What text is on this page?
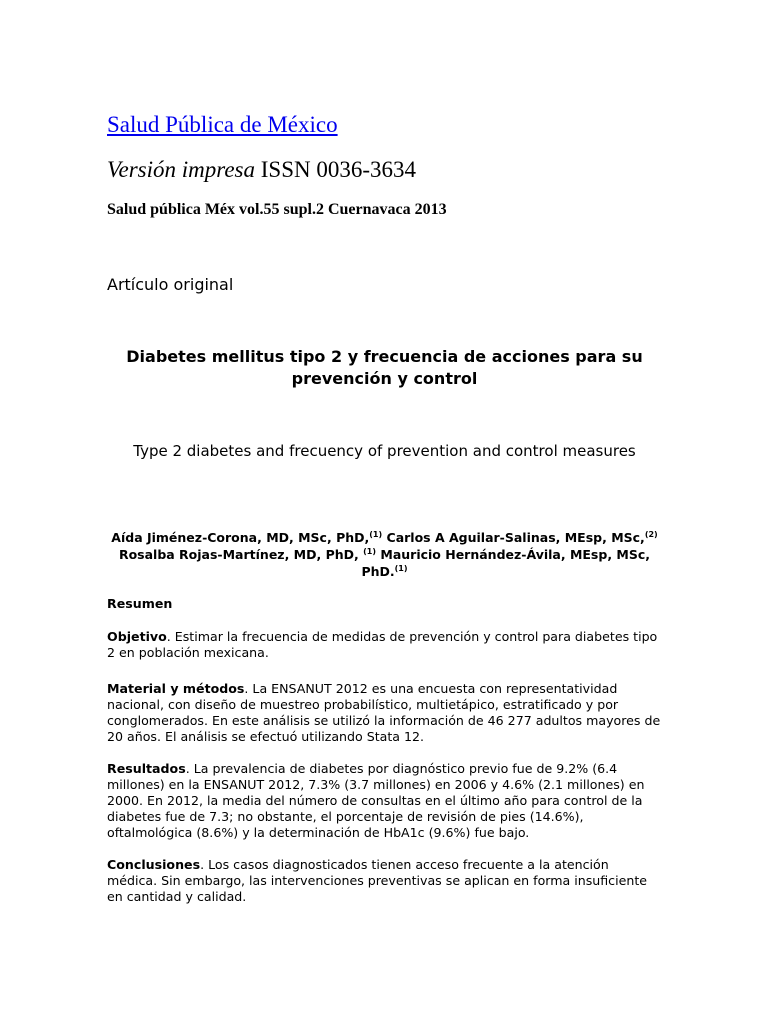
Salud Pública de México
Versión impresa ISSN 0036-3634
Salud pública Méx vol.55 supl.2 Cuernavaca 2013
Artículo original
Diabetes mellitus tipo 2 y frecuencia de acciones para su prevención y control
Type 2 diabetes and frecuency of prevention and control measures
Aída Jiménez-Corona, MD, MSc, PhD,$^{(1)}$ Carlos A Aguilar-Salinas, MEsp, MSc,$^{(2)}$
Rosalba Rojas-Martínez, MD, PhD, $^{(1)}$ Mauricio Hernández-Ávila, MEsp, MSc, PhD.$^{(1)}$
Resumen
Objetivo. Estimar la frecuencia de medidas de prevención y control para diabetes tipo 2 en población mexicana.
Material y métodos. La ENSANUT 2012 es una encuesta con representatividad nacional, con diseño de muestreo probabilístico, multietápico, estratificado y por conglomerados. En este análisis se utilizó la información de 46 277 adultos mayores de 20 años. El análisis se efectuó utilizando Stata 12.
Resultados. La prevalencia de diabetes por diagnóstico previo fue de 9.2% (6.4 millones) en la ENSANUT 2012, 7.3% (3.7 millones) en 2006 y 4.6% (2.1 millones) en 2000. En 2012, la media del número de consultas en el último año para control de la diabetes fue de 7.3; no obstante, el porcentaje de revisión de pies (14.6%), oftalmológica (8.6%) y la determinación de HbA1c (9.6%) fue bajo.
Conclusiones. Los casos diagnosticados tienen acceso frecuente a la atención médica. Sin embargo, las intervenciones preventivas se aplican en forma insuficiente en cantidad y calidad.
